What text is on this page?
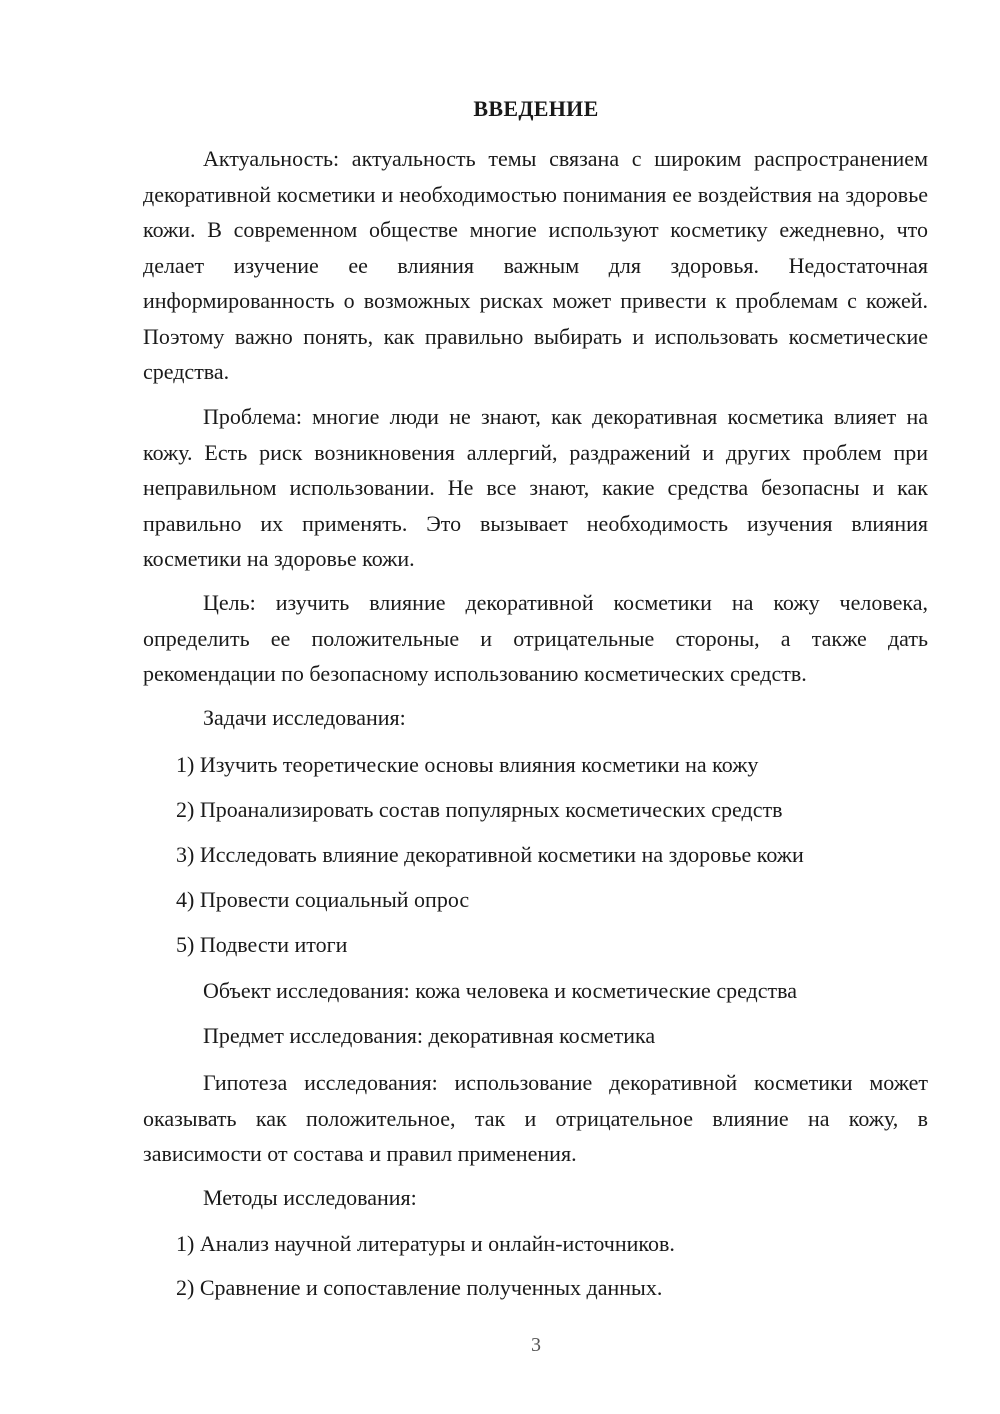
ВВЕДЕНИЕ

Актуальность: актуальность темы связана с широким распространением декоративной косметики и необходимостью понимания ее воздействия на здоровье кожи. В современном обществе многие используют косметику ежедневно, что делает изучение ее влияния важным для здоровья. Недостаточная информированность о возможных рисках может привести к проблемам с кожей. Поэтому важно понять, как правильно выбирать и использовать косметические средства.

Проблема: многие люди не знают, как декоративная косметика влияет на кожу. Есть риск возникновения аллергий, раздражений и других проблем при неправильном использовании. Не все знают, какие средства безопасны и как правильно их применять. Это вызывает необходимость изучения влияния косметики на здоровье кожи.

Цель: изучить влияние декоративной косметики на кожу человека, определить ее положительные и отрицательные стороны, а также дать рекомендации по безопасному использованию косметических средств.

Задачи исследования:
1) Изучить теоретические основы влияния косметики на кожу
2) Проанализировать состав популярных косметических средств
3) Исследовать влияние декоративной косметики на здоровье кожи
4) Провести социальный опрос
5) Подвести итоги
Объект исследования: кожа человека и косметические средства
Предмет исследования: декоративная косметика

Гипотеза исследования: использование декоративной косметики может оказывать как положительное, так и отрицательное влияние на кожу, в зависимости от состава и правил применения.

Методы исследования:
1) Анализ научной литературы и онлайн-источников.
2) Сравнение и сопоставление полученных данных.
3
